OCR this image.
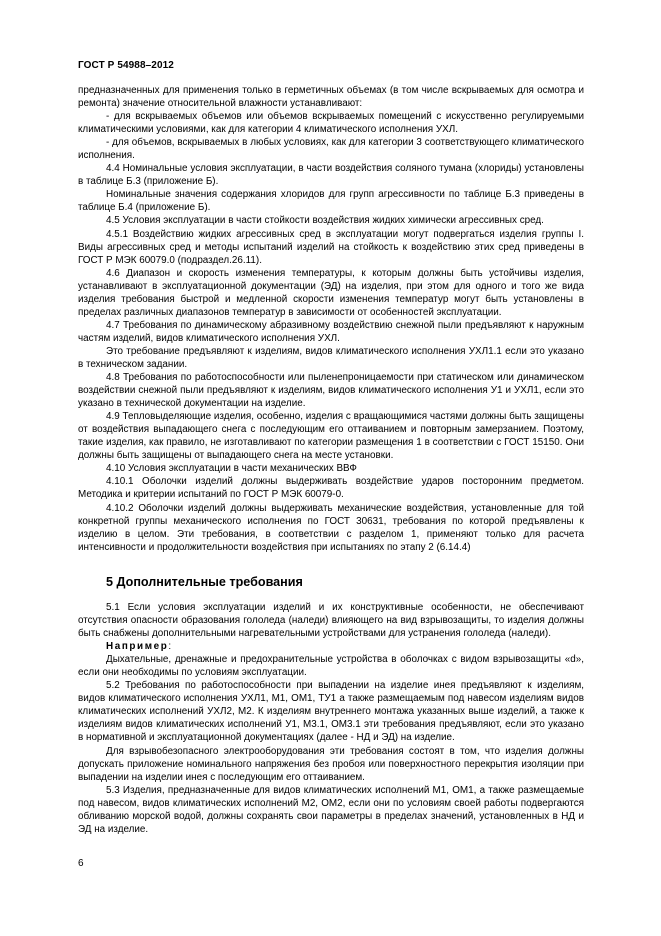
ГОСТ Р 54988–2012

предназначенных для применения только в герметичных объемах (в том числе вскрываемых для осмотра и ремонта) значение относительной влажности устанавливают:

- для вскрываемых объемов или объемов вскрываемых помещений с искусственно регулируемыми климатическими условиями, как для категории 4 климатического исполнения УХЛ.

- для объемов, вскрываемых в любых условиях, как для категории 3 соответствующего климатического исполнения.

4.4 Номинальные условия эксплуатации, в части воздействия соляного тумана (хлориды) установлены в таблице Б.3 (приложение Б).

Номинальные значения содержания хлоридов для групп агрессивности по таблице Б.3 приведены в таблице Б.4 (приложение Б).

4.5 Условия эксплуатации в части стойкости воздействия жидких химически агрессивных сред.

4.5.1 Воздействию жидких агрессивных сред в эксплуатации могут подвергаться изделия группы I. Виды агрессивных сред и методы испытаний изделий на стойкость к воздействию этих сред приведены в ГОСТ Р МЭК 60079.0 (подраздел.26.11).

4.6 Диапазон и скорость изменения температуры, к которым должны быть устойчивы изделия, устанавливают в эксплуатационной документации (ЭД) на изделия, при этом для одного и того же вида изделия требования быстрой и медленной скорости изменения температур могут быть установлены в пределах различных диапазонов температур в зависимости от особенностей эксплуатации.

4.7 Требования по динамическому абразивному воздействию снежной пыли предъявляют к наружным частям изделий, видов климатического исполнения УХЛ.

Это требование предъявляют к изделиям, видов климатического исполнения УХЛ1.1 если это указано в техническом задании.

4.8 Требования по работоспособности или пыленепроницаемости при статическом или динамическом воздействии снежной пыли предъявляют к изделиям, видов климатического исполнения У1 и УХЛ1, если это указано в технической документации на изделие.

4.9 Тепловыделяющие изделия, особенно, изделия с вращающимися частями должны быть защищены от воздействия выпадающего снега с последующим его оттаиванием и повторным замерзанием. Поэтому, такие изделия, как правило, не изготавливают по категории размещения 1 в соответствии с ГОСТ 15150. Они должны быть защищены от выпадающего снега на месте установки.

4.10 Условия эксплуатации в части механических ВВФ

4.10.1 Оболочки изделий должны выдерживать воздействие ударов посторонним предметом. Методика и критерии испытаний по ГОСТ Р МЭК 60079-0.

4.10.2 Оболочки изделий должны выдерживать механические воздействия, установленные для той конкретной группы механического исполнения по ГОСТ 30631, требования по которой предъявлены к изделию в целом. Эти требования, в соответствии с разделом 1, применяют только для расчета интенсивности и продолжительности воздействия при испытаниях по этапу 2 (6.14.4)

5 Дополнительные требования

5.1 Если условия эксплуатации изделий и их конструктивные особенности, не обеспечивают отсутствия опасности образования гололеда (наледи) влияющего на вид взрывозащиты, то изделия должны быть снабжены дополнительными нагревательными устройствами для устранения гололеда (наледи).

Например:

Дыхательные, дренажные и предохранительные устройства в оболочках с видом взрывозащиты «d», если они необходимы по условиям эксплуатации.

5.2 Требования по работоспособности при выпадении на изделие инея предъявляют к изделиям, видов климатического исполнения УХЛ1, М1, ОМ1, ТУ1 а также размещаемым под навесом изделиям видов климатических исполнений УХЛ2, М2. К изделиям внутреннего монтажа указанных выше изделий, а также к изделиям видов климатических исполнений У1, М3.1, ОМ3.1 эти требования предъявляют, если это указано в нормативной и эксплуатационной документациях (далее - НД и ЭД) на изделие.

Для взрывобезопасного электрооборудования эти требования состоят в том, что изделия должны допускать приложение номинального напряжения без пробоя или поверхностного перекрытия изоляции при выпадении на изделии инея с последующим его оттаиванием.

5.3 Изделия, предназначенные для видов климатических исполнений М1, ОМ1, а также размещаемые под навесом, видов климатических исполнений М2, ОМ2, если они по условиям своей работы подвергаются обливанию морской водой, должны сохранять свои параметры в пределах значений, установленных в НД и ЭД на изделие.

6
